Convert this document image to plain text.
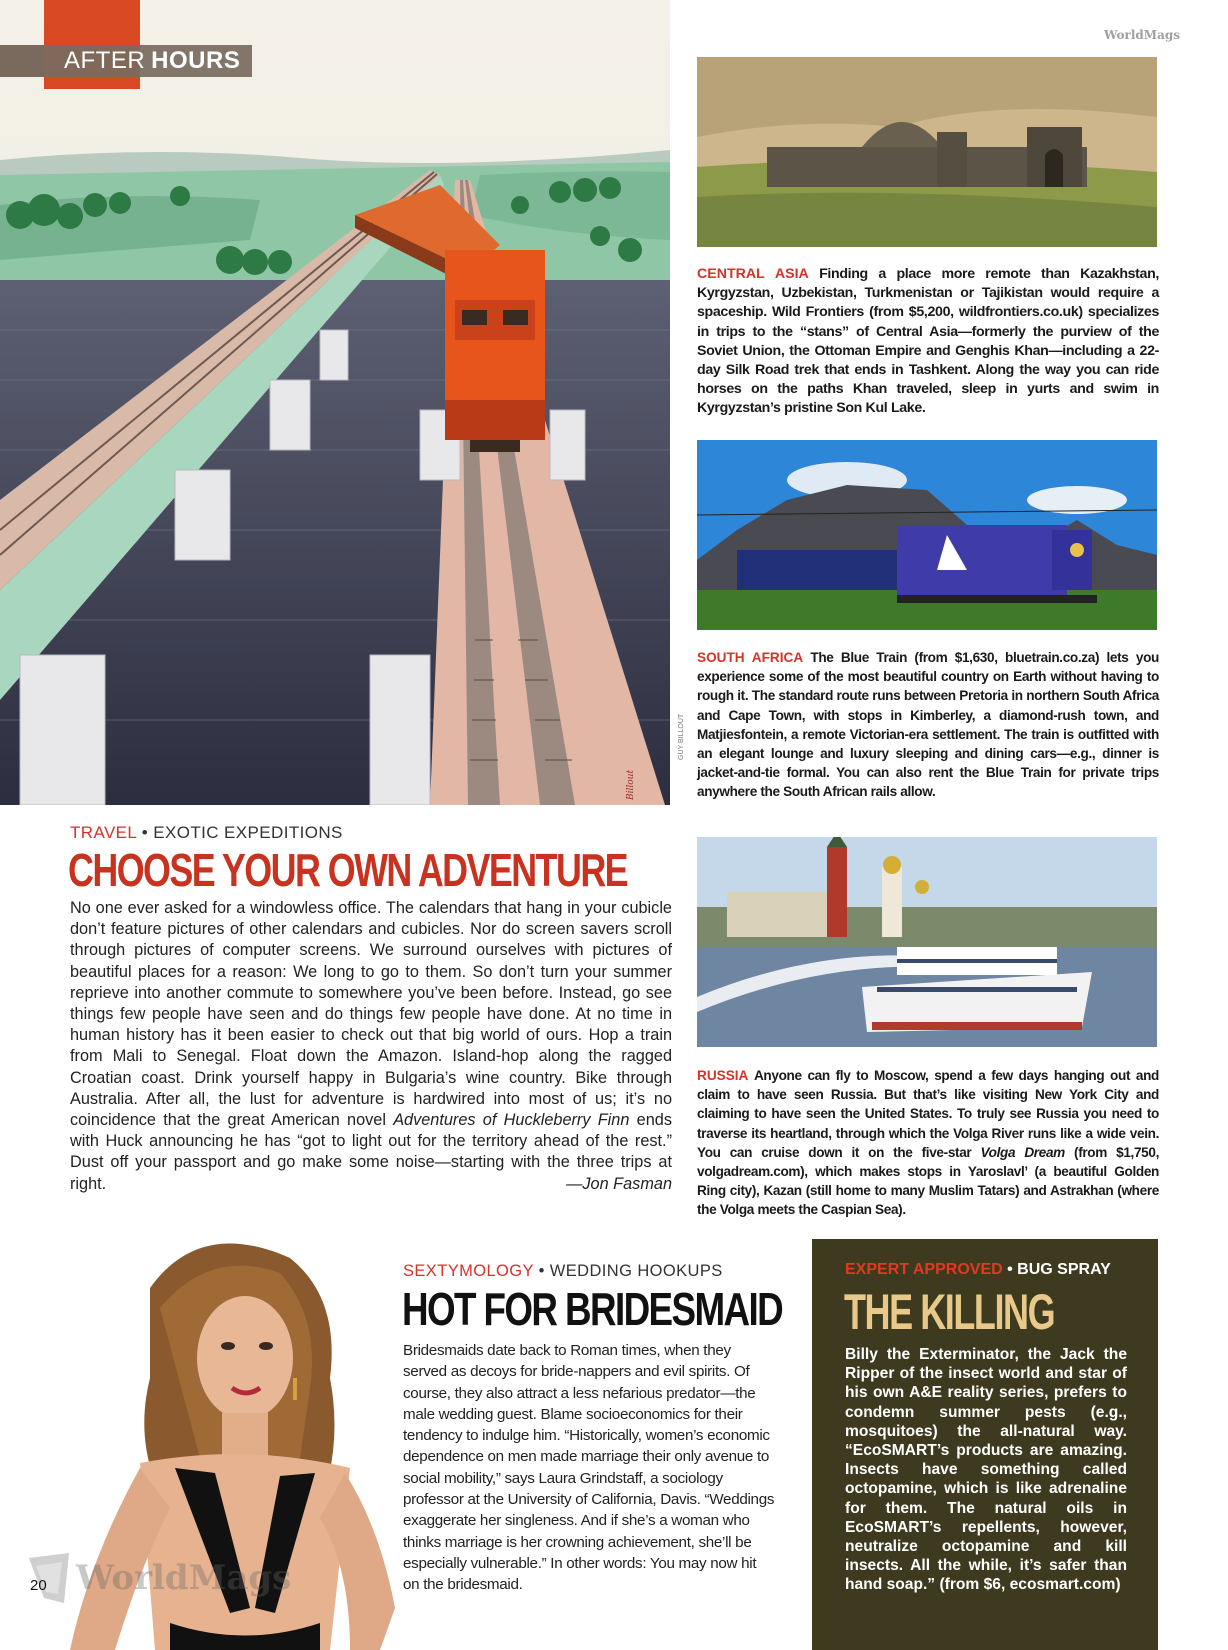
Billout
AFTER HOURS
GUY BILLOUT
WorldMags
CENTRAL ASIA Finding a place more remote than Kazakhstan, Kyrgyzstan, Uzbekistan, Turkmenistan or Tajikistan would require a spaceship. Wild Frontiers (from $5,200, wildfrontiers.co.uk) specializes in trips to the “stans” of Central Asia—formerly the purview of the Soviet Union, the Ottoman Empire and Genghis Khan—including a 22-day Silk Road trek that ends in Tashkent. Along the way you can ride horses on the paths Khan traveled, sleep in yurts and swim in Kyrgyzstan’s pristine Son Kul Lake.
SOUTH AFRICA The Blue Train (from $1,630, bluetrain.co.za) lets you experience some of the most beautiful country on Earth without having to rough it. The standard route runs between Pretoria in northern South Africa and Cape Town, with stops in Kimberley, a diamond-rush town, and Matjiesfontein, a remote Victorian-era settlement. The train is outfitted with an elegant lounge and luxury sleeping and dining cars—e.g., dinner is jacket-and-tie formal. You can also rent the Blue Train for private trips anywhere the South African rails allow.
RUSSIA Anyone can fly to Moscow, spend a few days hanging out and claim to have seen Russia. But that’s like visiting New York City and claiming to have seen the United States. To truly see Russia you need to traverse its heartland, through which the Volga River runs like a wide vein. You can cruise down it on the five-star Volga Dream (from $1,750, volgadream.com), which makes stops in Yaroslavl’ (a beautiful Golden Ring city), Kazan (still home to many Muslim Tatars) and Astrakhan (where the Volga meets the Caspian Sea).
TRAVEL • EXOTIC EXPEDITIONS
CHOOSE YOUR OWN ADVENTURE
No one ever asked for a windowless office. The calendars that hang in your cubicle don’t feature pictures of other calendars and cubicles. Nor do screen savers scroll through pictures of computer screens. We surround ourselves with pictures of beautiful places for a reason: We long to go to them. So don’t turn your summer reprieve into another commute to somewhere you’ve been before. Instead, go see things few people have seen and do things few people have done. At no time in human history has it been easier to check out that big world of ours. Hop a train from Mali to Senegal. Float down the Amazon. Island-hop along the ragged Croatian coast. Drink yourself happy in Bulgaria’s wine country. Bike through Australia. After all, the lust for adventure is hardwired into most of us; it’s no coincidence that the great American novel Adventures of Huckleberry Finn ends with Huck announcing he has “got to light out for the territory ahead of the rest.” Dust off your passport and go make some noise—starting with the three trips at right.	—Jon Fasman
SEXTYMOLOGY • WEDDING HOOKUPS
HOT FOR BRIDESMAID
Bridesmaids date back to Roman times, when they served as decoys for bride-nappers and evil spirits. Of course, they also attract a less nefarious predator—the male wedding guest. Blame socioeconomics for their tendency to indulge him. “Historically, women’s economic dependence on men made marriage their only avenue to social mobility,” says Laura Grindstaff, a sociology professor at the University of California, Davis. “Weddings exaggerate her singleness. And if she’s a woman who thinks marriage is her crowning achievement, she’ll be especially vulnerable.” In other words: You may now hit on the bridesmaid.
EXPERT APPROVED • BUG SPRAY
THE KILLING
Billy the Exterminator, the Jack the Ripper of the insect world and star of his own A&E reality series, prefers to condemn summer pests (e.g., mosquitoes) the all-natural way. “EcoSMART’s products are amazing. Insects have something called octopamine, which is like adrenaline for them. The natural oils in EcoSMART’s repellents, however, neutralize octopamine and kill insects. All the while, it’s safer than hand soap.” (from $6, ecosmart.com)
WorldMags
20
